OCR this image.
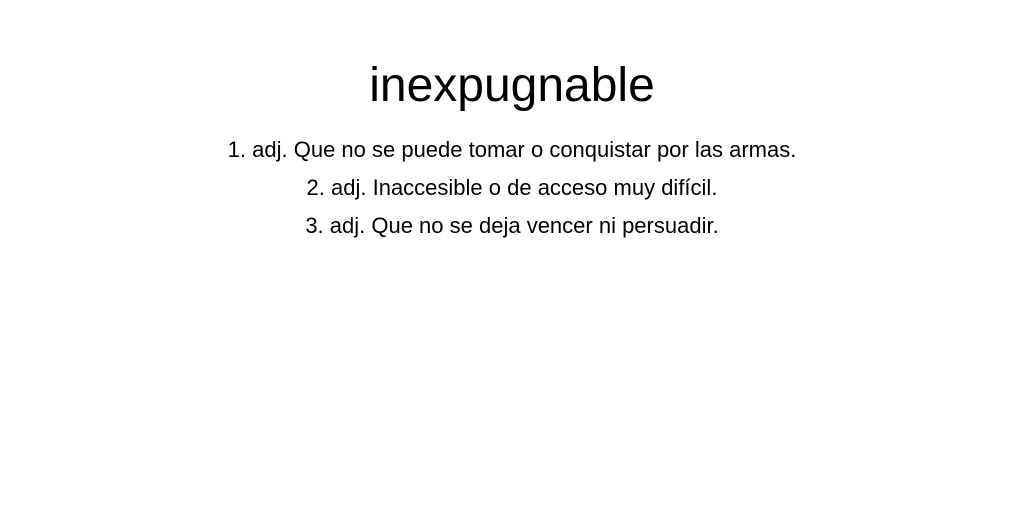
inexpugnable
1. adj. Que no se puede tomar o conquistar por las armas.
2. adj. Inaccesible o de acceso muy difícil.
3. adj. Que no se deja vencer ni persuadir.
